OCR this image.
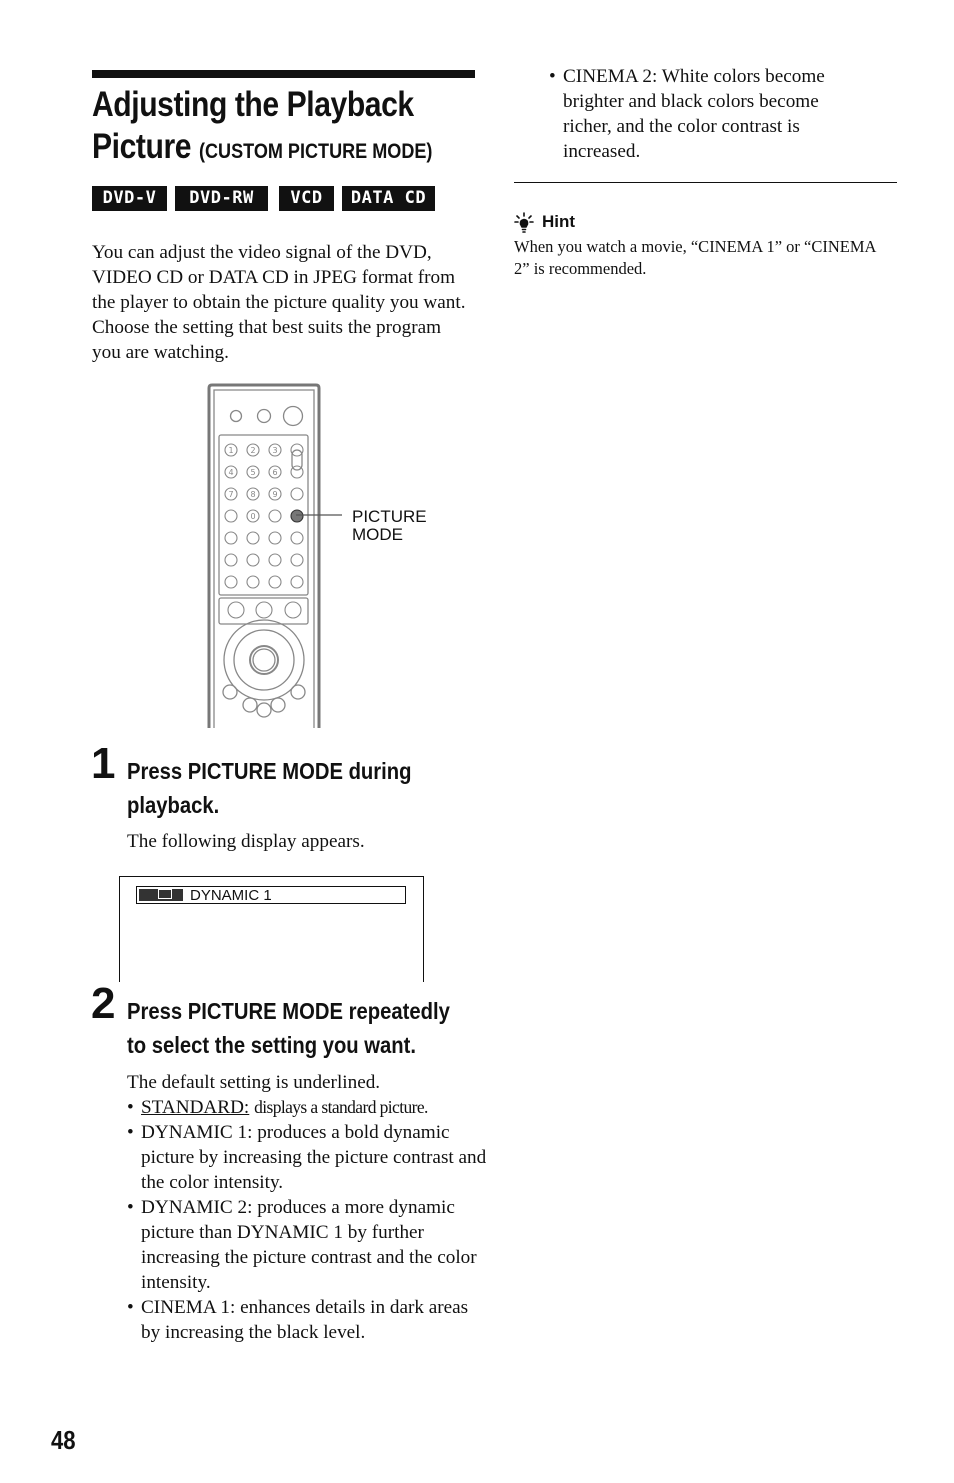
Adjusting the Playback
Picture (CUSTOM PICTURE MODE)
DVD-V	DVD-RW	VCD	DATA CD
You can adjust the video signal of the DVD, VIDEO CD or DATA CD in JPEG format from the player to obtain the picture quality you want. Choose the setting that best suits the program you are watching.
1 2 3
4 5 6
7 8 9
0	PICTURE
MODE
1 Press PICTURE MODE during
playback.
The following display appears.
DYNAMIC 1
2 Press PICTURE MODE repeatedly
to select the setting you want.
The default setting is underlined.
• STANDARD: displays a standard picture.
• DYNAMIC 1: produces a bold dynamic picture by increasing the picture contrast and the color intensity.
• DYNAMIC 2: produces a more dynamic picture than DYNAMIC 1 by further increasing the picture contrast and the color intensity.
• CINEMA 1: enhances details in dark areas by increasing the black level.
• CINEMA 2: White colors become brighter and black colors become richer, and the color contrast is increased.
Hint
When you watch a movie, “CINEMA 1” or “CINEMA 2” is recommended.
48
